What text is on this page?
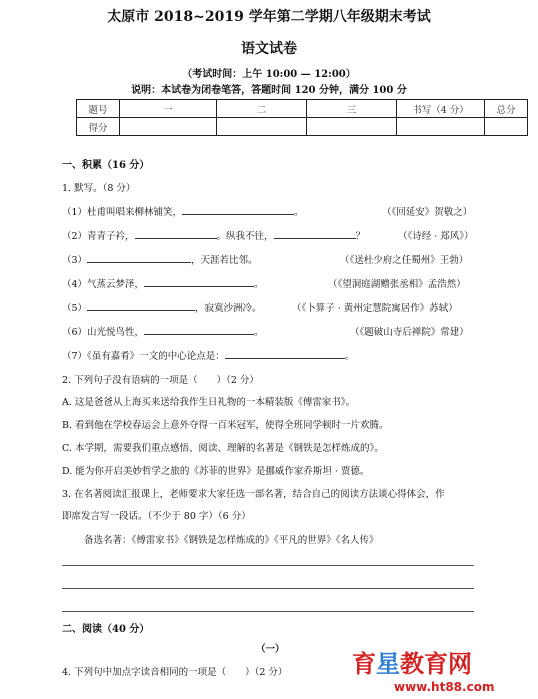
太原市 2018~2019 学年第二学期八年级期末考试
语文试卷
（考试时间：上午 10:00 — 12:00）
说明：本试卷为闭卷笔答，答题时间 120 分钟，满分 100 分
题号	一	二	三	书写（4 分）	总分
得分					
一、积累（16 分）
1. 默写。（8 分）
（1）杜甫叫唱来柳林铺笑，	。	（《回延安》贺敬之）
（2）青青子衿，	。纵我不往，	？	（《诗经 · 郑风》）
（3）	，天涯若比邻。	（《送杜少府之任蜀州》王勃）
（4）气蒸云梦泽，	。	（《望洞庭湖赠张丞相》孟浩然）
（5）	，寂寞沙洲冷。	（《卜算子 · 黄州定慧院寓居作》苏轼）
（6）山光悦鸟性，	。	（《题破山寺后禅院》常建）
（7）《虽有嘉肴》一文的中心论点是：	。
2. 下列句子没有语病的一项是（　　）（2 分）
A. 这是爸爸从上海买来送给我作生日礼物的一本精装版《傅雷家书》。
B. 看到他在学校春运会上意外夺得一百米冠军，使得全班同学顿时一片欢腾。
C. 本学期，需要我们重点感悟、阅读、理解的名著是《钢铁是怎样炼成的》。
D. 能为你开启美妙哲学之旅的《苏菲的世界》是挪威作家乔斯坦 · 贾德。
3. 在名著阅读汇报课上，老师要求大家任选一部名著，结合自己的阅读方法谈心得体会，作
即席发言写一段话。（不少于 80 字）（6 分）
备选名著：《傅雷家书》《钢铁是怎样炼成的》《平凡的世界》《名人传》
二、阅读（40 分）
（一）
4. 下列句中加点字读音相同的一项是（　　）（2 分）	育星教育网
www.ht88.com
